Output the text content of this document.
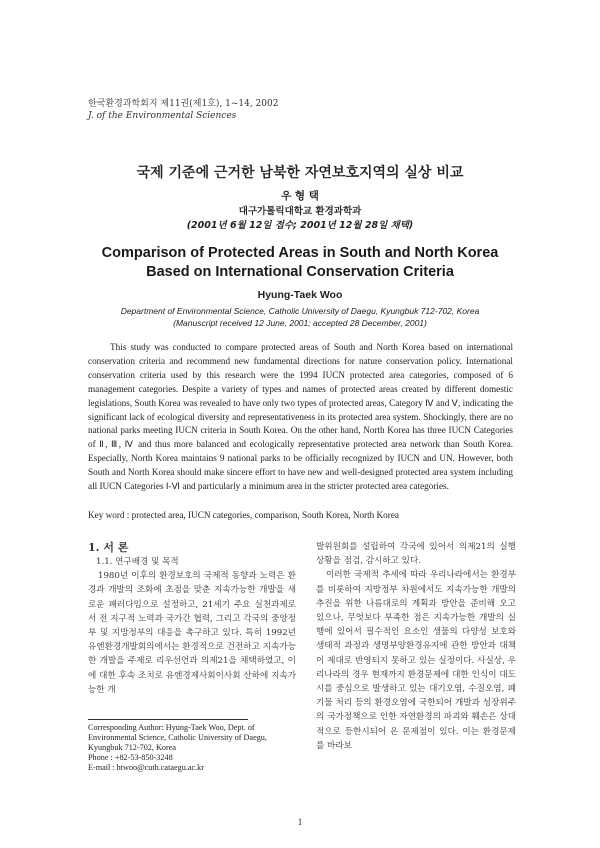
한국환경과학회지 제11권(제1호), 1~14, 2002
J. of the Environmental Sciences
국제 기준에 근거한 남북한 자연보호지역의 실상 비교
우 형 택
대구가톨릭대학교 환경과학과
(2001년 6월 12일 접수; 2001년 12월 28일 채택)
Comparison of Protected Areas in South and North Korea
Based on International Conservation Criteria
Hyung-Taek Woo
Department of Environmental Science, Catholic University of Daegu, Kyungbuk 712-702, Korea
(Manuscript received 12 June, 2001; accepted 28 December, 2001)
This study was conducted to compare protected areas of South and North Korea based on international conservation criteria and recommend new fundamental directions for nature conservation policy. International conservation criteria used by this research were the 1994 IUCN protected area categories, composed of 6 management categories. Despite a variety of types and names of protected areas created by different domestic legislations, South Korea was revealed to have only two types of protected areas, Category Ⅳ and Ⅴ, indicating the significant lack of ecological diversity and representativeness in its protected area system. Shockingly, there are no national parks meeting IUCN criteria in South Korea. On the other hand, North Korea has three IUCN Categories of Ⅱ, Ⅲ, Ⅳ and thus more balanced and ecologically representative protected area network than South Korea. Especially, North Korea maintains 9 national parks to be officially recognized by IUCN and UN. However, both South and North Korea should make sincere effort to have new and well-designed protected area system including all IUCN Categories Ⅰ-Ⅵ and particularly a minimum area in the stricter protected area categories.
Key word : protected area, IUCN categories, comparison, South Korea, North Korea
1. 서 론
1.1. 연구배경 및 목적
1980년 이후의 환경보호의 국제적 동향과 노력은 환경과 개발의 조화에 초점을 맞춘 지속가능한 개발을 새로운 패러다임으로 설정하고, 21세기 주요 실천과제로서 전 지구적 노력과 국가간 협력, 그리고 각국의 중앙정부 및 지방정부의 대응을 촉구하고 있다. 특히 1992년 유엔환경개발회의에서는 환경적으로 건전하고 지속가능한 개발을 주제로 리우선언과 의제21을 채택하였고, 이에 대한 후속 조치로 유엔경제사회이사회 산하에 지속가능한 개
발위원회를 설립하여 각국에 있어서 의제21의 실행 상황을 점검, 감시하고 있다.
이러한 국제적 추세에 따라 우리나라에서는 환경부를 비롯하여 지방정부 차원에서도 지속가능한 개발의 추진을 위한 나름대로의 계획과 방안을 준비해 오고 있으나, 무엇보다 부족한 점은 지속가능한 개발의 실행에 있어서 필수적인 요소인 생물의 다양성 보호와 생태적 과정과 생명부양환경유지에 관한 방안과 대책이 제대로 반영되지 못하고 있는 실정이다. 사실상, 우리나라의 경우 현재까지 환경문제에 대한 인식이 대도시를 중심으로 발생하고 있는 대기오염, 수질오염, 폐기물 처리 등의 환경오염에 국한되어 개발과 성장위주의 국가정책으로 인한 자연환경의 파괴와 훼손은 상대적으로 등한시되어 온 문제점이 있다. 이는 환경문제를 바라보
Corresponding Author: Hyung-Taek Woo, Dept. of
Environmental Science, Catholic University of Daegu,
Kyungbuk 712-702, Korea
Phone : +82-53-850-3248
E-mail : htwoo@cuth.cataegu.ac.kr
1
